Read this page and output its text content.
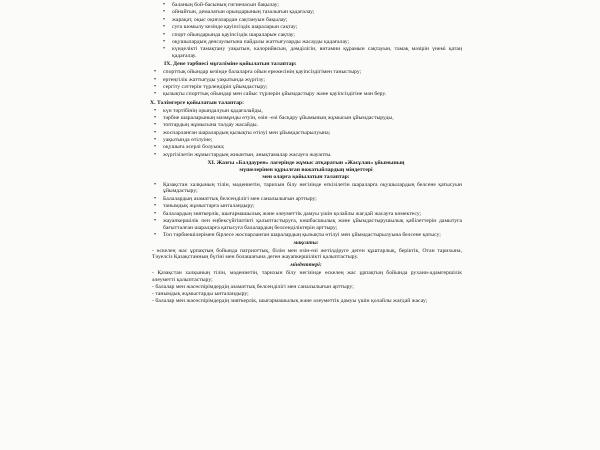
• баланың бой-басының гигиенасын бақылау;
• ойнайтын, демалатын орындарының тазалығын қадағалау;
• жарақат, оқыс оқиғалардан сақтануын бақылау;
• суға шомылу кезінде қауіпсіздік шараларын сақтау;
• спорт ойындарында қауіпсіздік шараларын сақтау;
• оқушылардың денсаулығына пайдалы жаттығуларды жасауды қадағалау;
• күнделікті тамақтану уақытын, калорийясын, дәмділігін, витамин құрамын сақтауын, тамақ мәзірін үнемі қатаң қадағалау.
IX. Дене тәрбиесі мұғаліміне қойылатын талаптар:
• спорттық ойындар кезінде балаларға ойын ережесінің қауіпсіздігімен таныстыру;
• ертеңгілік жаттығуды уақытында жүргізу;
• сергіту сәттерін түрлендіріп ұйымдастыру;
• қызықты спорттық ойындар мен сайыс түрлерін ұйымдастыру және қауіпсіздігіне мән беру.
X. Тәлімгерге қойылатын талаптар:
• күн тәртібінің орындалуын қадағалайды,
• тәрбие шараларының мазмұнды өтуін, өзін -өзі басқару ұйымының жұмысын ұйымдастыруды,
• топтардың жұмысына талдау жасайды.
• жоспарланған шаралардың қызықты өтілуі мен ұйымдастырылуына;
• уақытында өтілуіне;
• оқушыға әсерлі болуына;
• жүргізілетін жұмыстардың жиынтын, анықтамалар жасауға жауапты.
XI. Жазғы «Балдаурен» лагерінде жұмыс атқаратын «Жасұлан» ұйымының
мүшелерінен құрылған вожатыйлардың міндеттері
мен оларға қойылатын талаптар:
• Қазақстан халқының тілін, мәдениетін, тарихын білу негізінде өткізілетін шараларға оқушылардың белсене қатысуын ұйымдастыру;
• Балалардың азаматтық белсенділігі мен саналылығын арттыру;
• танымдық жұмыстарға ынталандыру;
• балалардың зияткерлік, шығармашылық және әлеуметтік дамуы үшін қолайлы жағдай жасауға көмектесу;
• жауапкершілік пен еңбексүйгіштікті қалыптастыруға, көшбасшылық және ұйымдастырушылық қабілеттерін дамытуға бағытталған шараларға қатысуға балалардың белсенділіктерін арттыру;
• Топ тәрбиешілерімен бірлесе жоспарланған шаралардың қызықты өтілуі мен ұйымдастырылуына белсене қатысу;
мақсаты:
- өскелең жас ұрпақтың бойында патриоттық, білім мен өзін-өзі жетілдіруге деген құштарлық, беріктік, Отан тарихына, Тәуелсіз Қазақстанның бүгіні мен болашағына деген жауапкершілікті қалыптастыру.
міндеттері:
- Қазақстан халқының тілін, мәдениетін, тарихын білу негізінде өскелең жас ұрпақтың бойында рухани-адамгершілік әлеуметті қалыптастыру;
- балалар мен жасөспірімдердің азаматтық белсенділігі мен саналылығын арттыру;
- танымдық жұмыстарды ынталандыру;
- балалар мен жасөспірімдердің зияткерлік, шығармашылық және әлеуметтік дамуы үшін қолайлы жағдай жасау;
